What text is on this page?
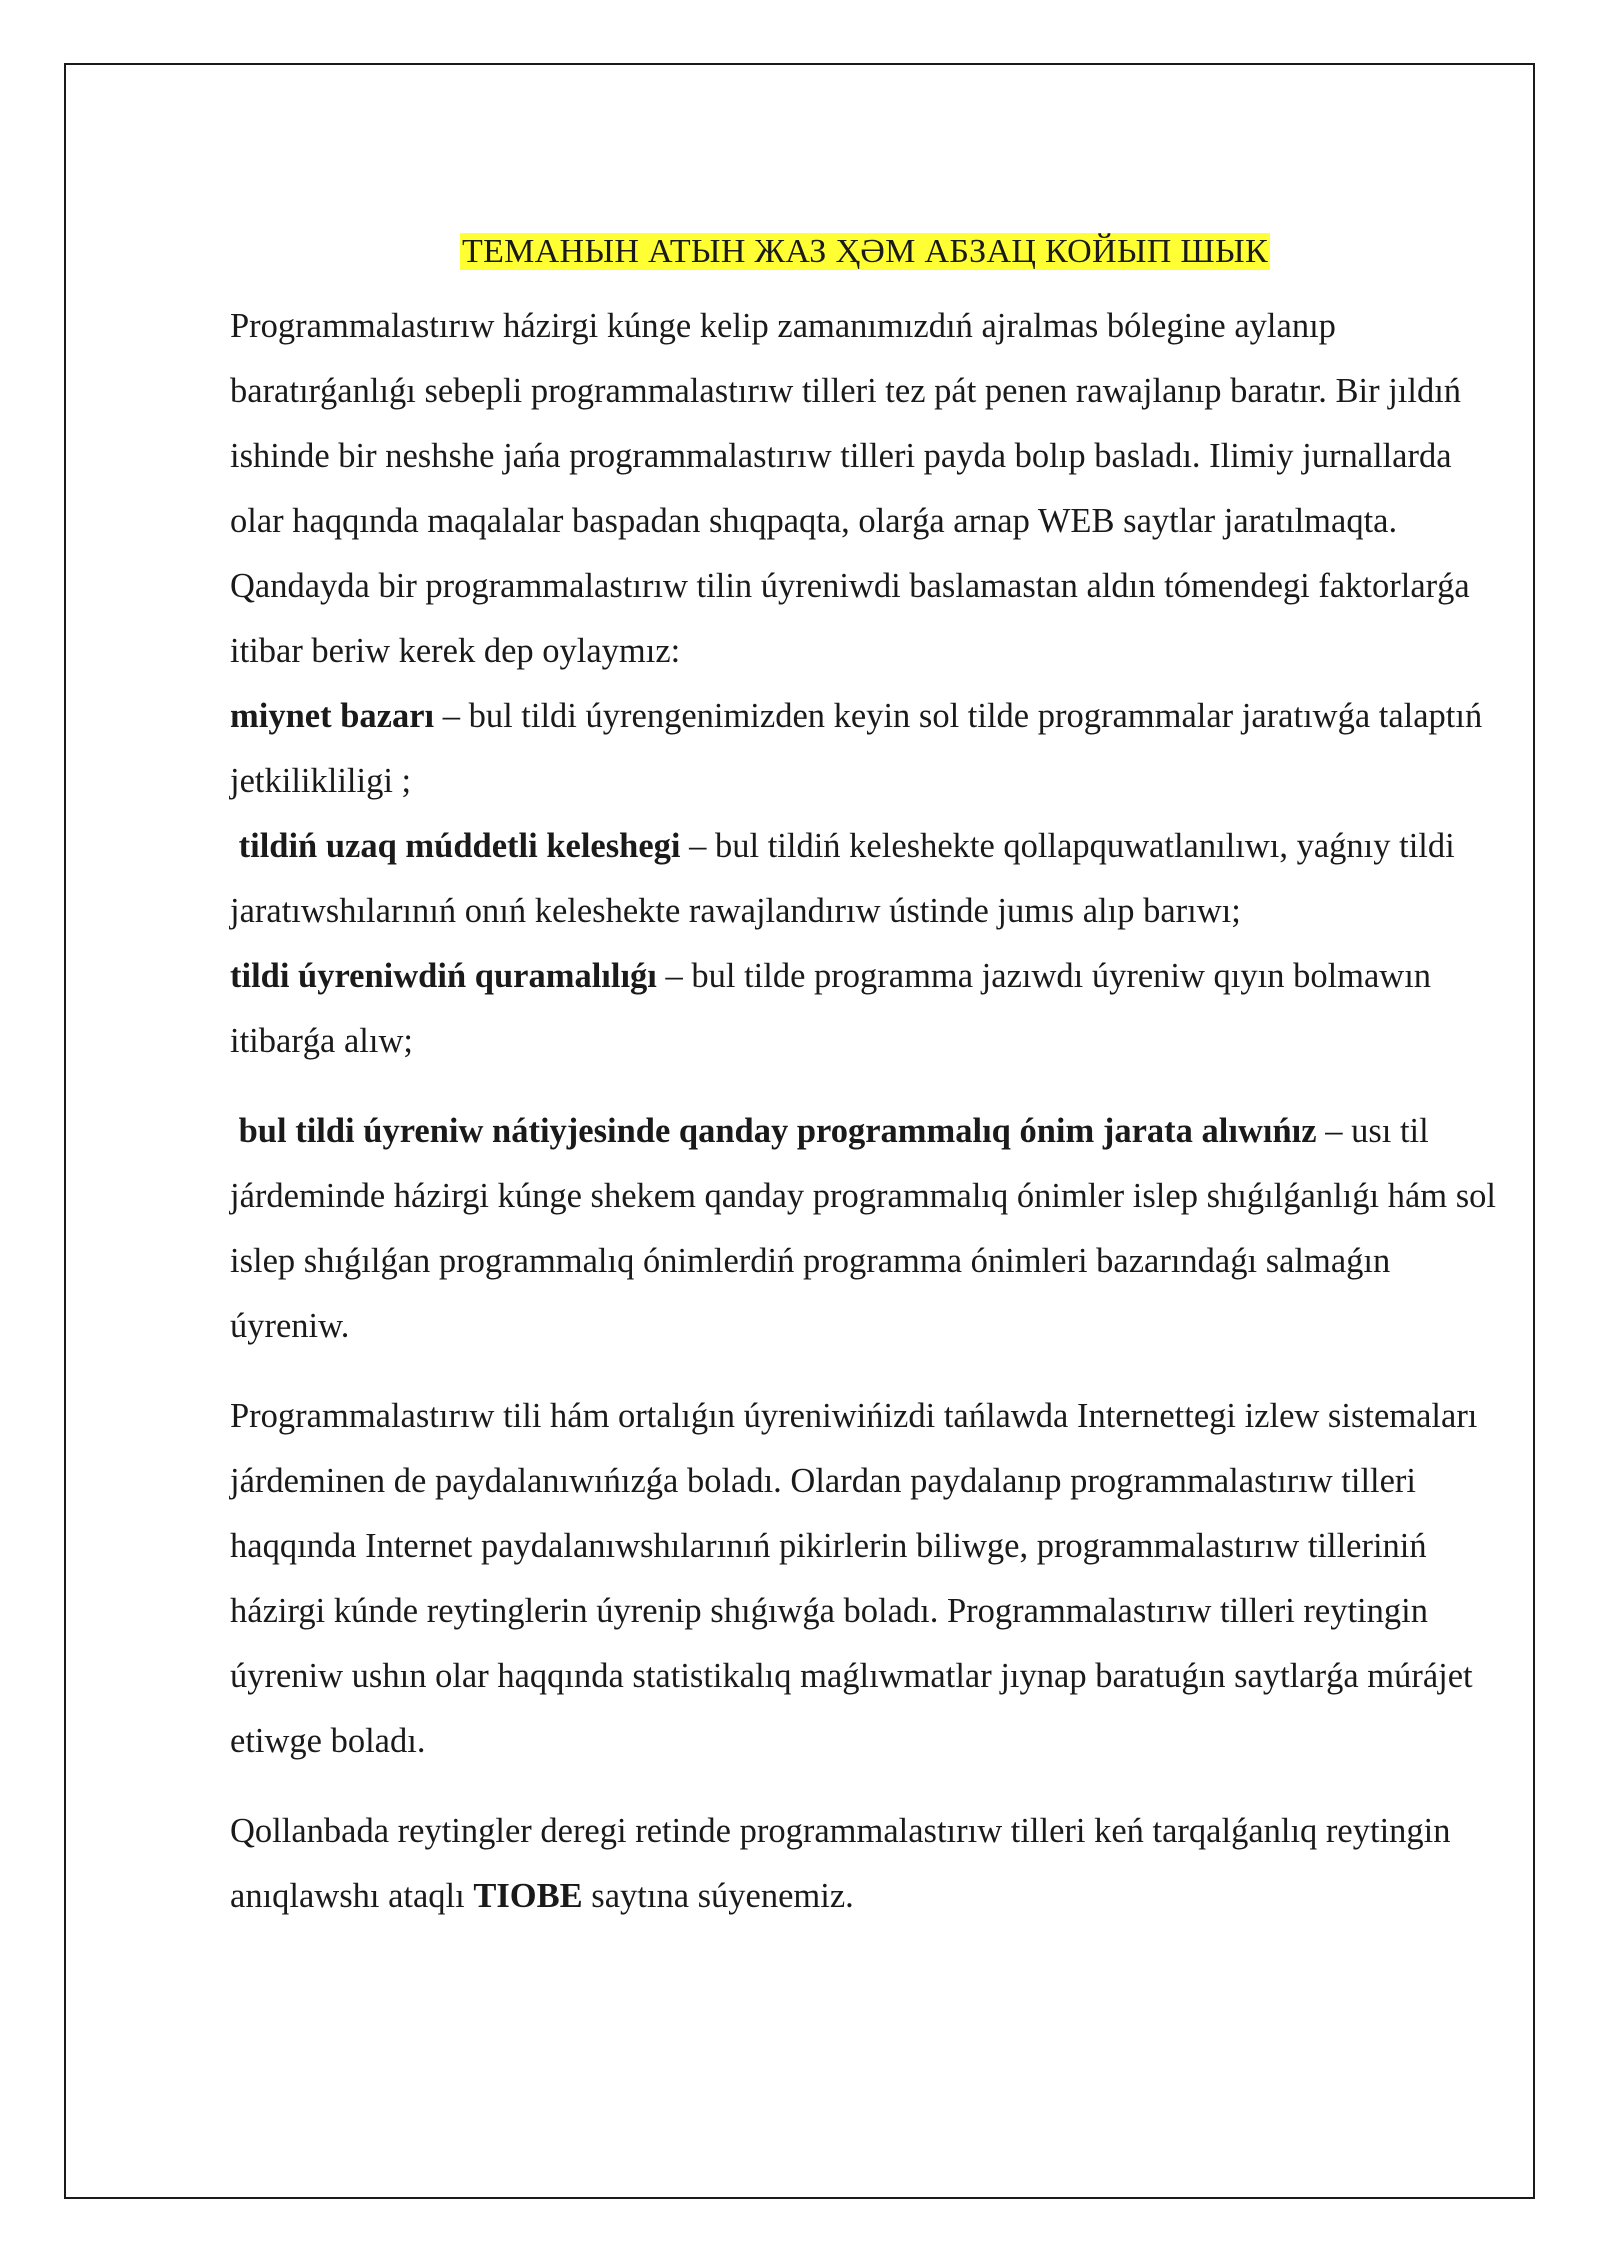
ТЕМАНЫН АТЫН ЖАЗ ҲӘМ АБЗАЦ КОЙЫП ШЫК

Programmalastırıw házirgi kúnge kelip zamanımızdıń ajralmas bólegine aylanıp baratırǵanlıǵı sebepli programmalastırıw tilleri tez pát penen rawajlanıp baratır. Bir jıldıń ishinde bir neshshe jańa programmalastırıw tilleri payda bolıp basladı. Ilimiy jurnallarda olar haqqında maqalalar baspadan shıqpaqta, olarǵa arnap WEB saytlar jaratılmaqta. Qandayda bir programmalastırıw tilin úyreniwdi baslamastan aldın tómendegi faktorlarǵa itibar beriw kerek dep oylaymız:

miynet bazarı – bul tildi úyrengenimizden keyin sol tilde programmalar jaratıwǵa talaptıń jetkilikliligi ;

tildiń uzaq múddetli keleshegi – bul tildiń keleshekte qollapquwatlanılıwı, yaǵnıy tildi jaratıwshılarınıń onıń keleshekte rawajlandırıw ústinde jumıs alıp barıwı;

tildi úyreniwdiń quramalılıǵı – bul tilde programma jazıwdı úyreniw qıyın bolmawın itibarǵa alıw;

bul tildi úyreniw nátiyjesinde qanday programmalıq ónim jarata alıwıńız – usı til járdeminde házirgi kúnge shekem qanday programmalıq ónimler islep shıǵılǵanlıǵı hám sol islep shıǵılǵan programmalıq ónimlerdiń programma ónimleri bazarındaǵı salmaǵın úyreniw.

Programmalastırıw tili hám ortalıǵın úyreniwińizdi tańlawda Internettegi izlew sistemaları járdeminen de paydalanıwıńızǵa boladı. Olardan paydalanıp programmalastırıw tilleri haqqında Internet paydalanıwshılarınıń pikirlerin biliwge, programmalastırıw tilleriniń házirgi kúnde reytinglerin úyrenip shıǵıwǵa boladı. Programmalastırıw tilleri reytingin úyreniw ushın olar haqqında statistikalıq maǵlıwmatlar jıynap baratuǵın saytlarǵa múrájet etiwge boladı.

Qollanbada reytingler deregi retinde programmalastırıw tilleri keń tarqalǵanlıq reytingin anıqlawshı ataqlı TIOBE saytına súyenemiz.
